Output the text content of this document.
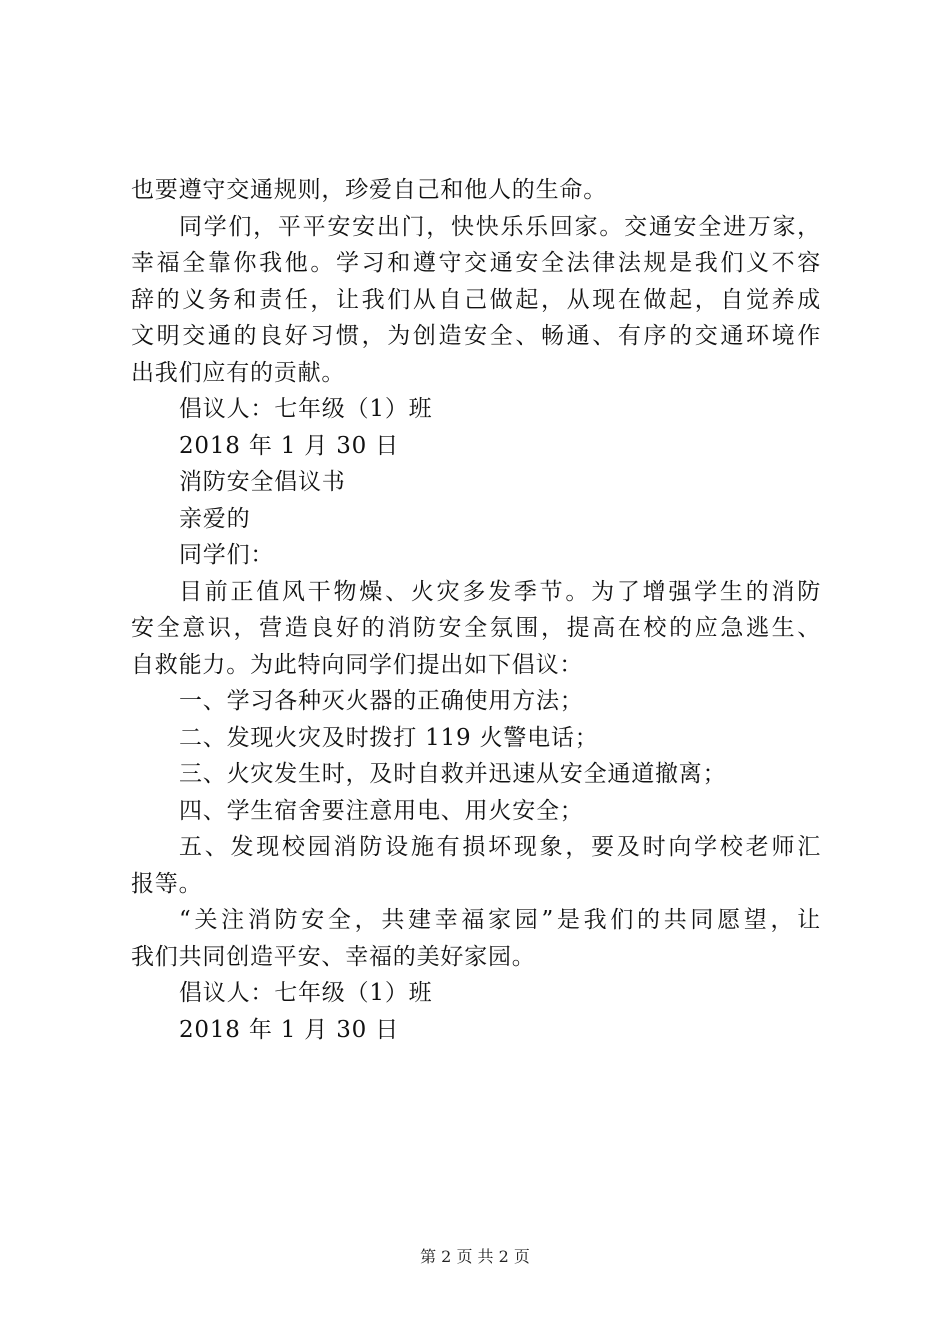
也要遵守交通规则，珍爱自己和他人的生命。
同学们，平平安安出门，快快乐乐回家。交通安全进万家，
幸福全靠你我他。学习和遵守交通安全法律法规是我们义不容
辞的义务和责任，让我们从自己做起，从现在做起，自觉养成
文明交通的良好习惯，为创造安全、畅通、有序的交通环境作
出我们应有的贡献。
倡议人：七年级（1）班
2018 年 1 月 30 日
消防安全倡议书
亲爱的
同学们：
目前正值风干物燥、火灾多发季节。为了增强学生的消防
安全意识，营造良好的消防安全氛围，提高在校的应急逃生、
自救能力。为此特向同学们提出如下倡议：
一、学习各种灭火器的正确使用方法；
二、发现火灾及时拨打 119 火警电话；
三、火灾发生时，及时自救并迅速从安全通道撤离；
四、学生宿舍要注意用电、用火安全；
五、发现校园消防设施有损坏现象，要及时向学校老师汇
报等。
“关注消防安全，共建幸福家园”是我们的共同愿望，让
我们共同创造平安、幸福的美好家园。
倡议人：七年级（1）班
2018 年 1 月 30 日
第 2 页 共 2 页
